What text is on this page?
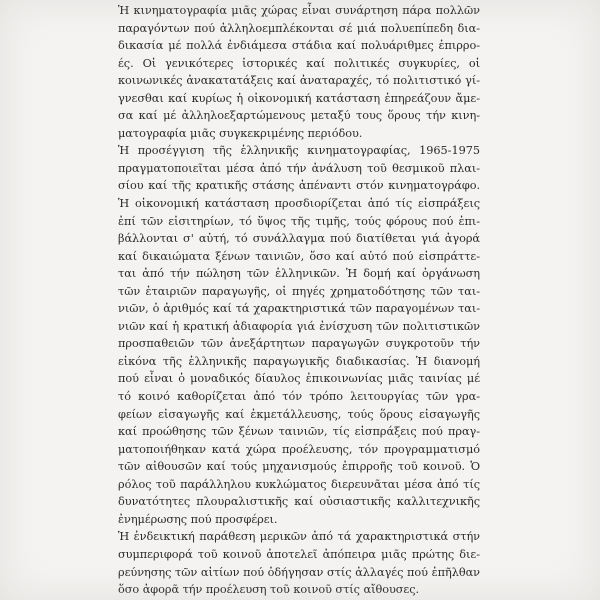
Ἡ κινηματογραφία μιᾶς χώρας εἶναι συνάρτηση πάρα πολλῶν
παραγόντων πού ἀλληλοεμπλέκονται σέ μιά πολυεπίπεδη δια-
δικασία μέ πολλά ἐνδιάμεσα στάδια καί πολυάριθμες ἐπιρρο-
ές. Οἱ γενικότερες ἱστορικές καί πολιτικές συγκυρίες, οἱ
κοινωνικές ἀνακατατάξεις καί ἀναταραχές, τό πολιτιστικό γί-
γνεσθαι καί κυρίως ἡ οἰκονομική κατάσταση ἐπηρεάζουν ἄμε-
σα καί μέ ἀλληλοεξαρτώμενους μεταξύ τους ὅρους τήν κινη-
ματογραφία μιᾶς συγκεκριμένης περιόδου.
Ἡ προσέγγιση τῆς ἑλληνικῆς κινηματογραφίας, 1965-1975
πραγματοποιεῖται μέσα ἀπό τήν ἀνάλυση τοῦ θεσμικοῦ πλαι-
σίου καί τῆς κρατικῆς στάσης ἀπέναντι στόν κινηματογράφο.
Ἡ οἰκονομική κατάσταση προσδιορίζεται ἀπό τίς εἰσπράξεις
ἐπί τῶν εἰσιτηρίων, τό ὕψος τῆς τιμῆς, τούς φόρους πού ἐπι-
βάλλονται σ' αὐτή, τό συνάλλαγμα πού διατίθεται γιά ἀγορά
καί δικαιώματα ξένων ταινιῶν, ὅσο καί αὐτό πού εἰσπράττε-
ται ἀπό τήν πώληση τῶν ἑλληνικῶν. Ἡ δομή καί ὀργάνωση
τῶν ἑταιριῶν παραγωγῆς, οἱ πηγές χρηματοδότησης τῶν ται-
νιῶν, ὁ ἀριθμός καί τά χαρακτηριστικά τῶν παραγομένων ται-
νιῶν καί ἡ κρατική ἀδιαφορία γιά ἐνίσχυση τῶν πολιτιστικῶν
προσπαθειῶν τῶν ἀνεξάρτητων παραγωγῶν συγκροτοῦν τήν
εἰκόνα τῆς ἑλληνικῆς παραγωγικῆς διαδικασίας. Ἡ διανομή
πού εἶναι ὁ μοναδικός δίαυλος ἐπικοινωνίας μιᾶς ταινίας μέ
τό κοινό καθορίζεται ἀπό τόν τρόπο λειτουργίας τῶν γρα-
φείων εἰσαγωγῆς καί ἐκμετάλλευσης, τούς ὅρους εἰσαγωγῆς
καί προώθησης τῶν ξένων ταινιῶν, τίς εἰσπράξεις πού πραγ-
ματοποιήθηκαν κατά χώρα προέλευσης, τόν προγραμματισμό
τῶν αἰθουσῶν καί τούς μηχανισμούς ἐπιρροῆς τοῦ κοινοῦ. Ὁ
ρόλος τοῦ παράλληλου κυκλώματος διερευνᾶται μέσα ἀπό τίς
δυνατότητες πλουραλιστικῆς καί οὐσιαστικῆς καλλιτεχνικῆς
ἐνημέρωσης πού προσφέρει.
Ἡ ἐνδεικτική παράθεση μερικῶν ἀπό τά χαρακτηριστικά στήν
συμπεριφορά τοῦ κοινοῦ ἀποτελεῖ ἀπόπειρα μιᾶς πρώτης διε-
ρεύνησης τῶν αἰτίων πού ὁδήγησαν στίς ἀλλαγές πού ἐπῆλθαν
ὅσο ἀφορᾶ τήν προέλευση τοῦ κοινοῦ στίς αἴθουσες.
